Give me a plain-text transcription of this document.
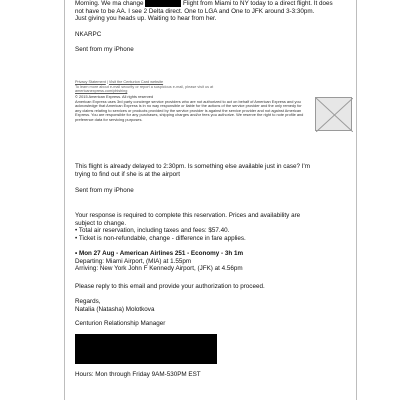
Morning. We ma change	Flight from Miami to NY today to a direct flight. It does
not have to be AA. I see 2 Delta direct. One to LGA and One to JFK around 3-3:30pm.
Just giving you heads up. Waiting to hear from her.
NKARPC
Sent from my iPhone
Privacy Statement | Visit the Centurion Card website
To learn more about e-mail security or report a suspicious e-mail, please visit us at
americanexpress.com/phishing
© 2015 American Express. All rights reserved
American Express uses 3rd party concierge service providers who are not authorized to act on behalf of American Express and you acknowledge that American Express is in no way responsible or liable for the actions of the service provider and the only remedy for any claims relating to services or products provided by the service provider is against the service provider and not against American Express. You are responsible for any purchases, shipping charges and/or fees you authorize. We reserve the right to note profile and preference data for servicing purposes.
This flight is already delayed to 2:30pm. Is something else available just in case? I'm
trying to find out if she is at the airport
Sent from my iPhone
Your response is required to complete this reservation. Prices and availability are
subject to change.
• Total air reservation, including taxes and fees: $57.40.
• Ticket is non-refundable, change - difference in fare applies.
• Mon 27 Aug - American Airlines 251 - Economy - 3h 1m
Departing: Miami Airport, (MIA) at 1.55pm
Arriving: New York John F Kennedy Airport, (JFK) at 4.56pm
Please reply to this email and provide your authorization to proceed.
Regards,
Natalia (Natasha) Molotkova
Centurion Relationship Manager
Hours: Mon through Friday 9AM-530PM EST
